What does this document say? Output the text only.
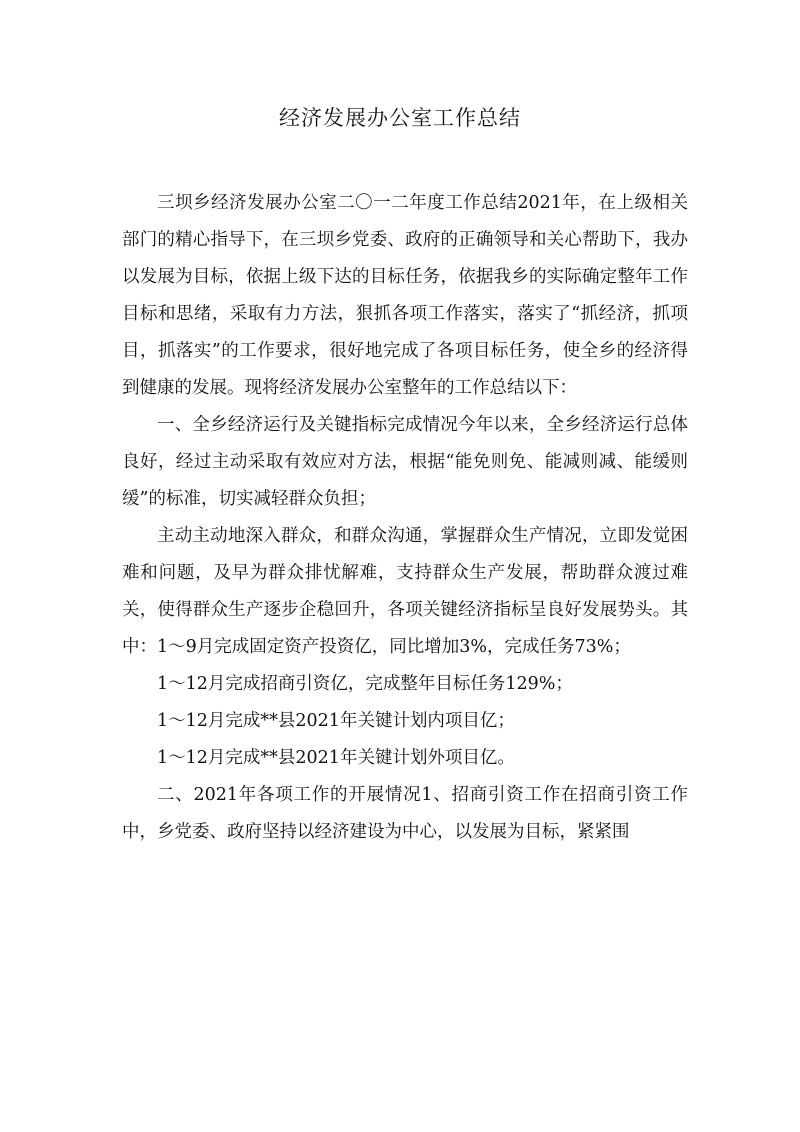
经济发展办公室工作总结

三坝乡经济发展办公室二〇一二年度工作总结2021年，在上级相关部门的精心指导下，在三坝乡党委、政府的正确领导和关心帮助下，我办以发展为目标，依据上级下达的目标任务，依据我乡的实际确定整年工作目标和思绪，采取有力方法，狠抓各项工作落实，落实了“抓经济，抓项目，抓落实”的工作要求，很好地完成了各项目标任务，使全乡的经济得到健康的发展。现将经济发展办公室整年的工作总结以下：

一、全乡经济运行及关键指标完成情况今年以来，全乡经济运行总体良好，经过主动采取有效应对方法，根据“能免则免、能减则减、能缓则缓”的标准，切实减轻群众负担；

主动主动地深入群众，和群众沟通，掌握群众生产情况，立即发觉困难和问题，及早为群众排忧解难，支持群众生产发展，帮助群众渡过难关，使得群众生产逐步企稳回升，各项关键经济指标呈良好发展势头。其中：1～9月完成固定资产投资亿，同比增加3%，完成任务73%；

1～12月完成招商引资亿，完成整年目标任务129%；

1～12月完成**县2021年关键计划内项目亿；

1～12月完成**县2021年关键计划外项目亿。

二、2021年各项工作的开展情况1、招商引资工作在招商引资工作中，乡党委、政府坚持以经济建设为中心，以发展为目标，紧紧围
